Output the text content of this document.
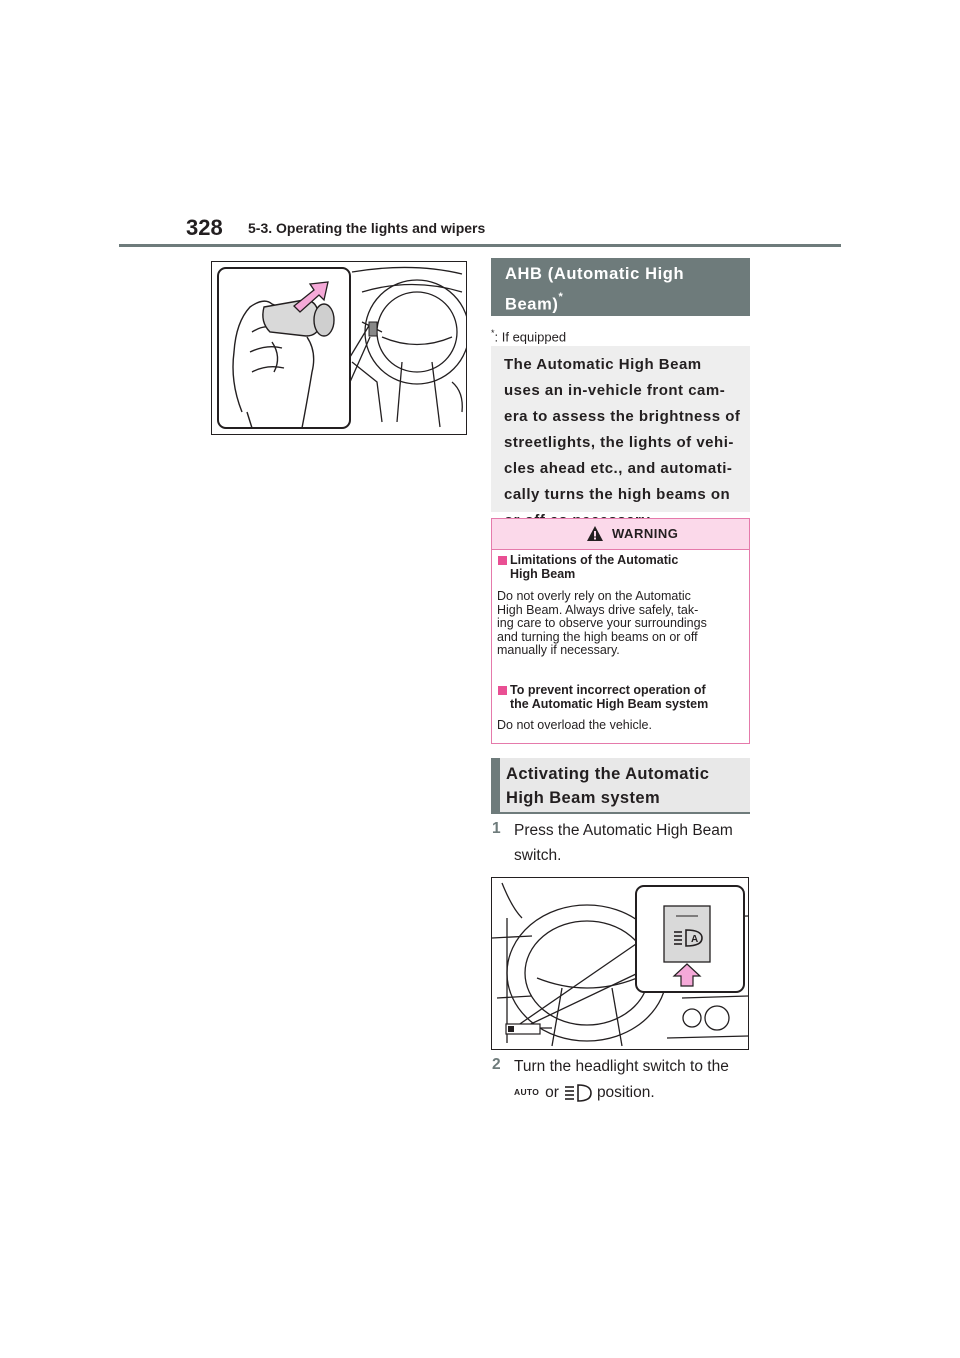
328 5-3. Operating the lights and wipers
AHB (Automatic High
Beam)*
*: If equipped
The Automatic High Beam
uses an in-vehicle front cam-
era to assess the brightness of
streetlights, the lights of vehi-
cles ahead etc., and automati-
cally turns the high beams on
WARNING
Limitations of the Automatic
High Beam
Do not overly rely on the Automatic
High Beam. Always drive safely, tak-
ing care to observe your surroundings
and turning the high beams on or off
manually if necessary.
To prevent incorrect operation of
the Automatic High Beam system
Do not overload the vehicle.
Activating the Automatic
High Beam system
1 Press the Automatic High Beam
switch.
A
2 Turn the headlight switch to the
AUTO or position.
